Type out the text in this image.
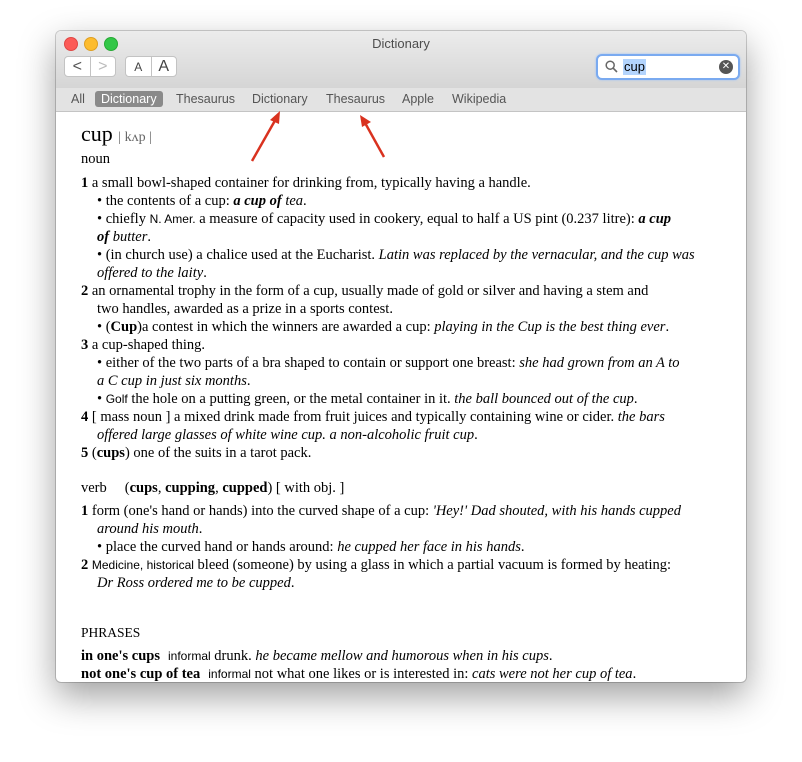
Dictionary
<	>	A	A	cup	✕
All	Dictionary	Thesaurus	Dictionary	Thesaurus	Apple	Wikipedia
cup | kʌp |
noun
1 a small bowl-shaped container for drinking from, typically having a handle.
• the contents of a cup: a cup of tea.
• chiefly N. Amer. a measure of capacity used in cookery, equal to half a US pint (0.237 litre): a cup
of butter.
• (in church use) a chalice used at the Eucharist. Latin was replaced by the vernacular, and the cup was
offered to the laity.
2 an ornamental trophy in the form of a cup, usually made of gold or silver and having a stem and
two handles, awarded as a prize in a sports contest.
• (Cup)a contest in which the winners are awarded a cup: playing in the Cup is the best thing ever.
3 a cup-shaped thing.
• either of the two parts of a bra shaped to contain or support one breast: she had grown from an A to
a C cup in just six months.
• Golf the hole on a putting green, or the metal container in it. the ball bounced out of the cup.
4 [ mass noun ] a mixed drink made from fruit juices and typically containing wine or cider. the bars
offered large glasses of white wine cup. a non-alcoholic fruit cup.
5 (cups) one of the suits in a tarot pack.
verb (cups, cupping, cupped) [ with obj. ]
1 form (one's hand or hands) into the curved shape of a cup: 'Hey!' Dad shouted, with his hands cupped
around his mouth.
• place the curved hand or hands around: he cupped her face in his hands.
2 Medicine, historical bleed (someone) by using a glass in which a partial vacuum is formed by heating:
Dr Ross ordered me to be cupped.
PHRASES
in one's cups informal drunk. he became mellow and humorous when in his cups.
not one's cup of tea informal not what one likes or is interested in: cats were not her cup of tea.
